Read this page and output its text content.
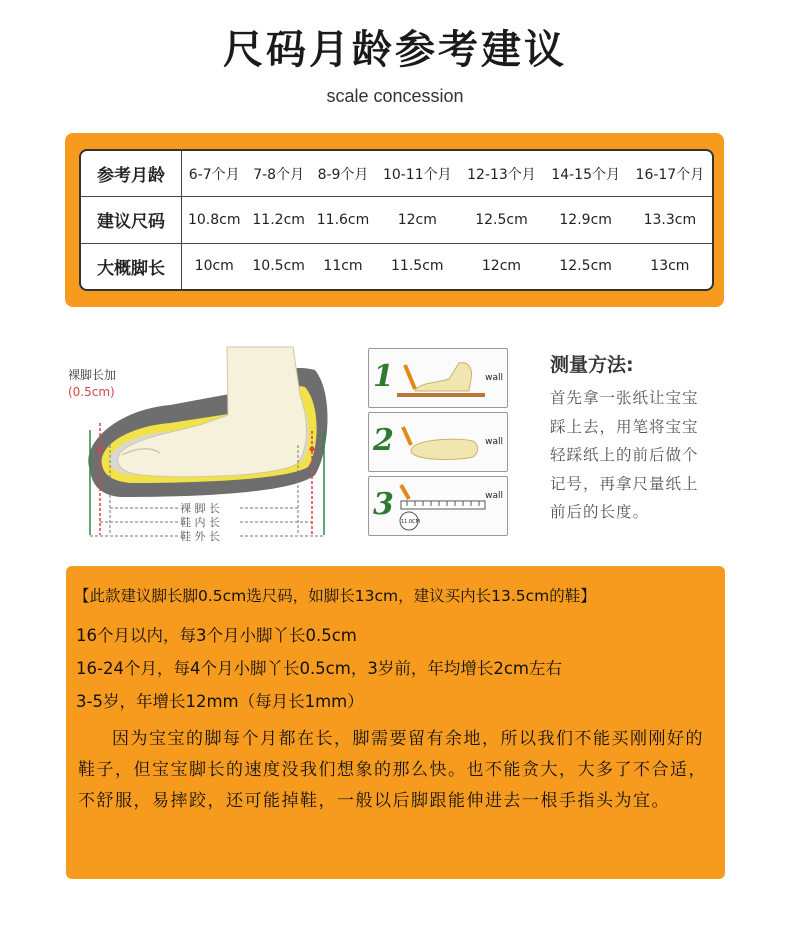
尺码月龄参考建议
scale concession
参考月龄	6-7个月	7-8个月	8-9个月	10-11个月	12-13个月	14-15个月	16-17个月
建议尺码	10.8cm	11.2cm	11.6cm	12cm	12.5cm	12.9cm	13.3cm
大概脚长	10cm	10.5cm	11cm	11.5cm	12cm	12.5cm	13cm
裸 脚 长
鞋 内 长
鞋 外 长
裸脚长加
(0.5cm)	1	wall
2	wall
3 11.0CM
wall
测量方法:
首先拿一张纸让宝宝
踩上去，用笔将宝宝
轻踩纸上的前后做个
记号，再拿尺量纸上
前后的长度。
【此款建议脚长脚0.5cm选尺码，如脚长13cm，建议买内长13.5cm的鞋】
16个月以内，每3个月小脚丫长0.5cm
16-24个月，每4个月小脚丫长0.5cm，3岁前，年均增长2cm左右
3-5岁，年增长12mm（每月长1mm）
因为宝宝的脚每个月都在长，脚需要留有余地，所以我们不能买刚刚好的鞋子，但宝宝脚长的速度没我们想象的那么快。也不能贪大，大多了不合适，不舒服，易摔跤，还可能掉鞋，一般以后脚跟能伸进去一根手指头为宜。
